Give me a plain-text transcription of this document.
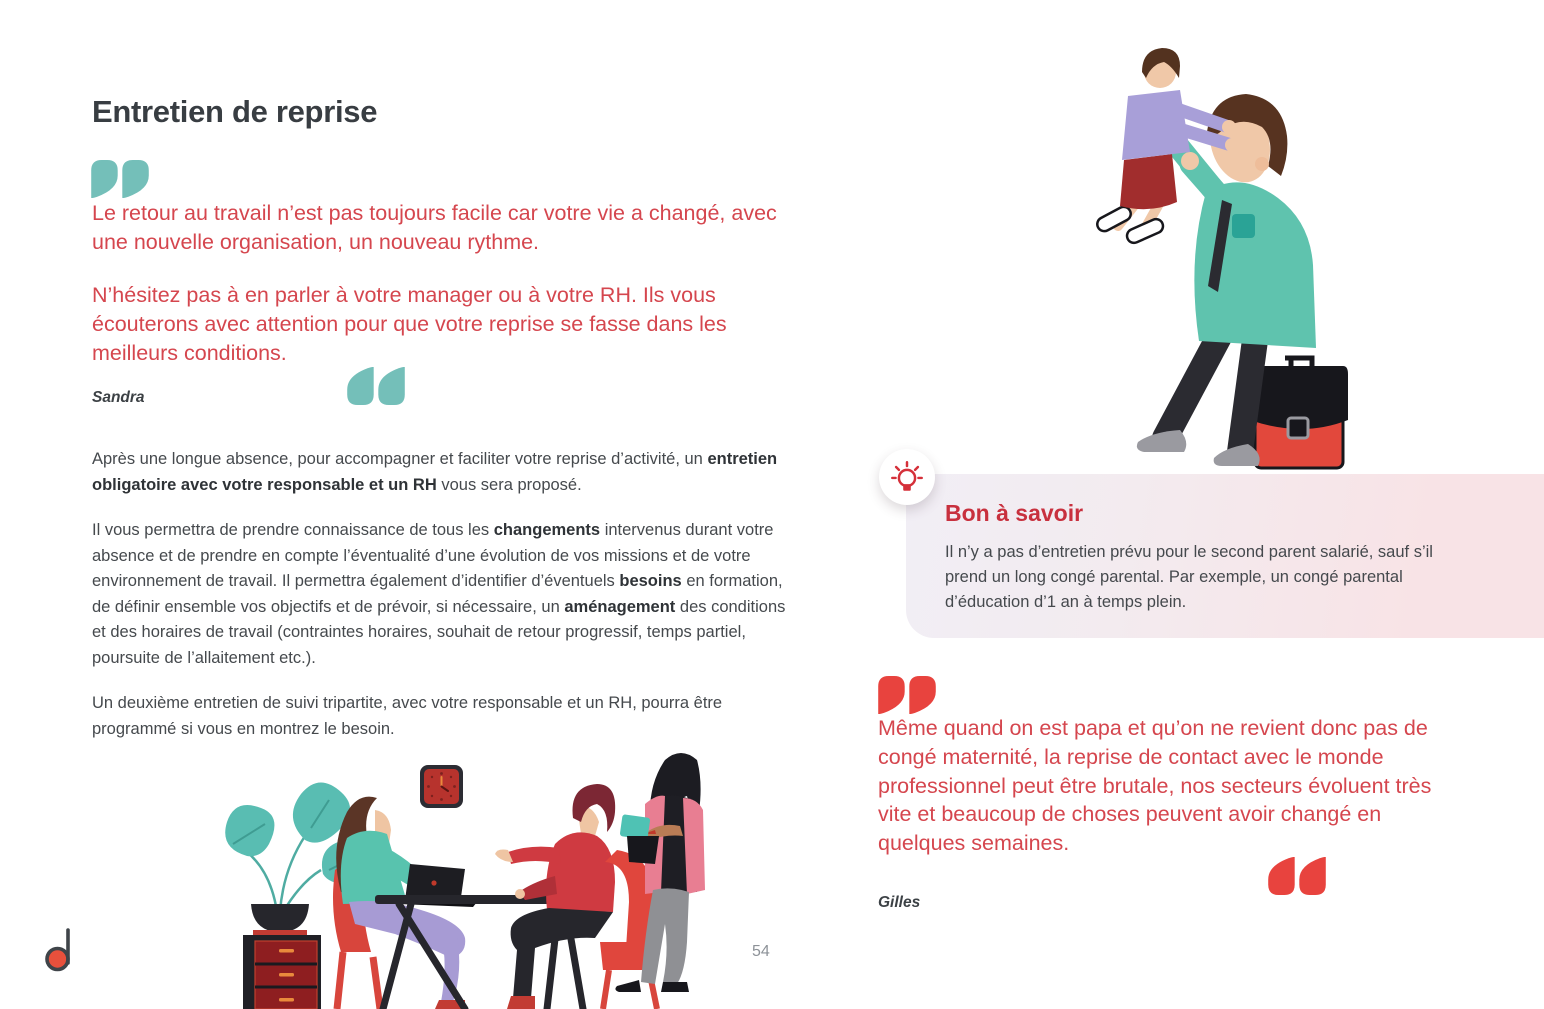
Entretien de reprise

Le retour au travail n’est pas toujours facile car votre vie a changé, avec une nouvelle organisation, un nouveau rythme.

N’hésitez pas à en parler à votre manager ou à votre RH. Ils vous écouterons avec attention pour que votre reprise se fasse dans les meilleurs conditions.

Sandra

Après une longue absence, pour accompagner et faciliter votre reprise d’activité, un entretien obligatoire avec votre responsable et un RH vous sera proposé.

Il vous permettra de prendre connaissance de tous les changements intervenus durant votre absence et de prendre en compte l’éventualité d’une évolution de vos missions et de votre environnement de travail. Il permettra également d’identifier d’éventuels besoins en formation, de définir ensemble vos objectifs et de prévoir, si nécessaire, un aménagement des conditions et des horaires de travail (contraintes horaires, souhait de retour progressif, temps partiel, poursuite de l’allaitement etc.).

Un deuxième entretien de suivi tripartite, avec votre responsable et un RH, pourra être programmé si vous en montrez le besoin.

54
Bon à savoir
Il n’y a pas d’entretien prévu pour le second parent salarié, sauf s’il prend un long congé parental. Par exemple, un congé parental d’éducation d’1 an à temps plein.

Même quand on est papa et qu’on ne revient donc pas de congé maternité, la reprise de contact avec le monde professionnel peut être brutale, nos secteurs évoluent très vite et beaucoup de choses peuvent avoir changé en quelques semaines.

Gilles
